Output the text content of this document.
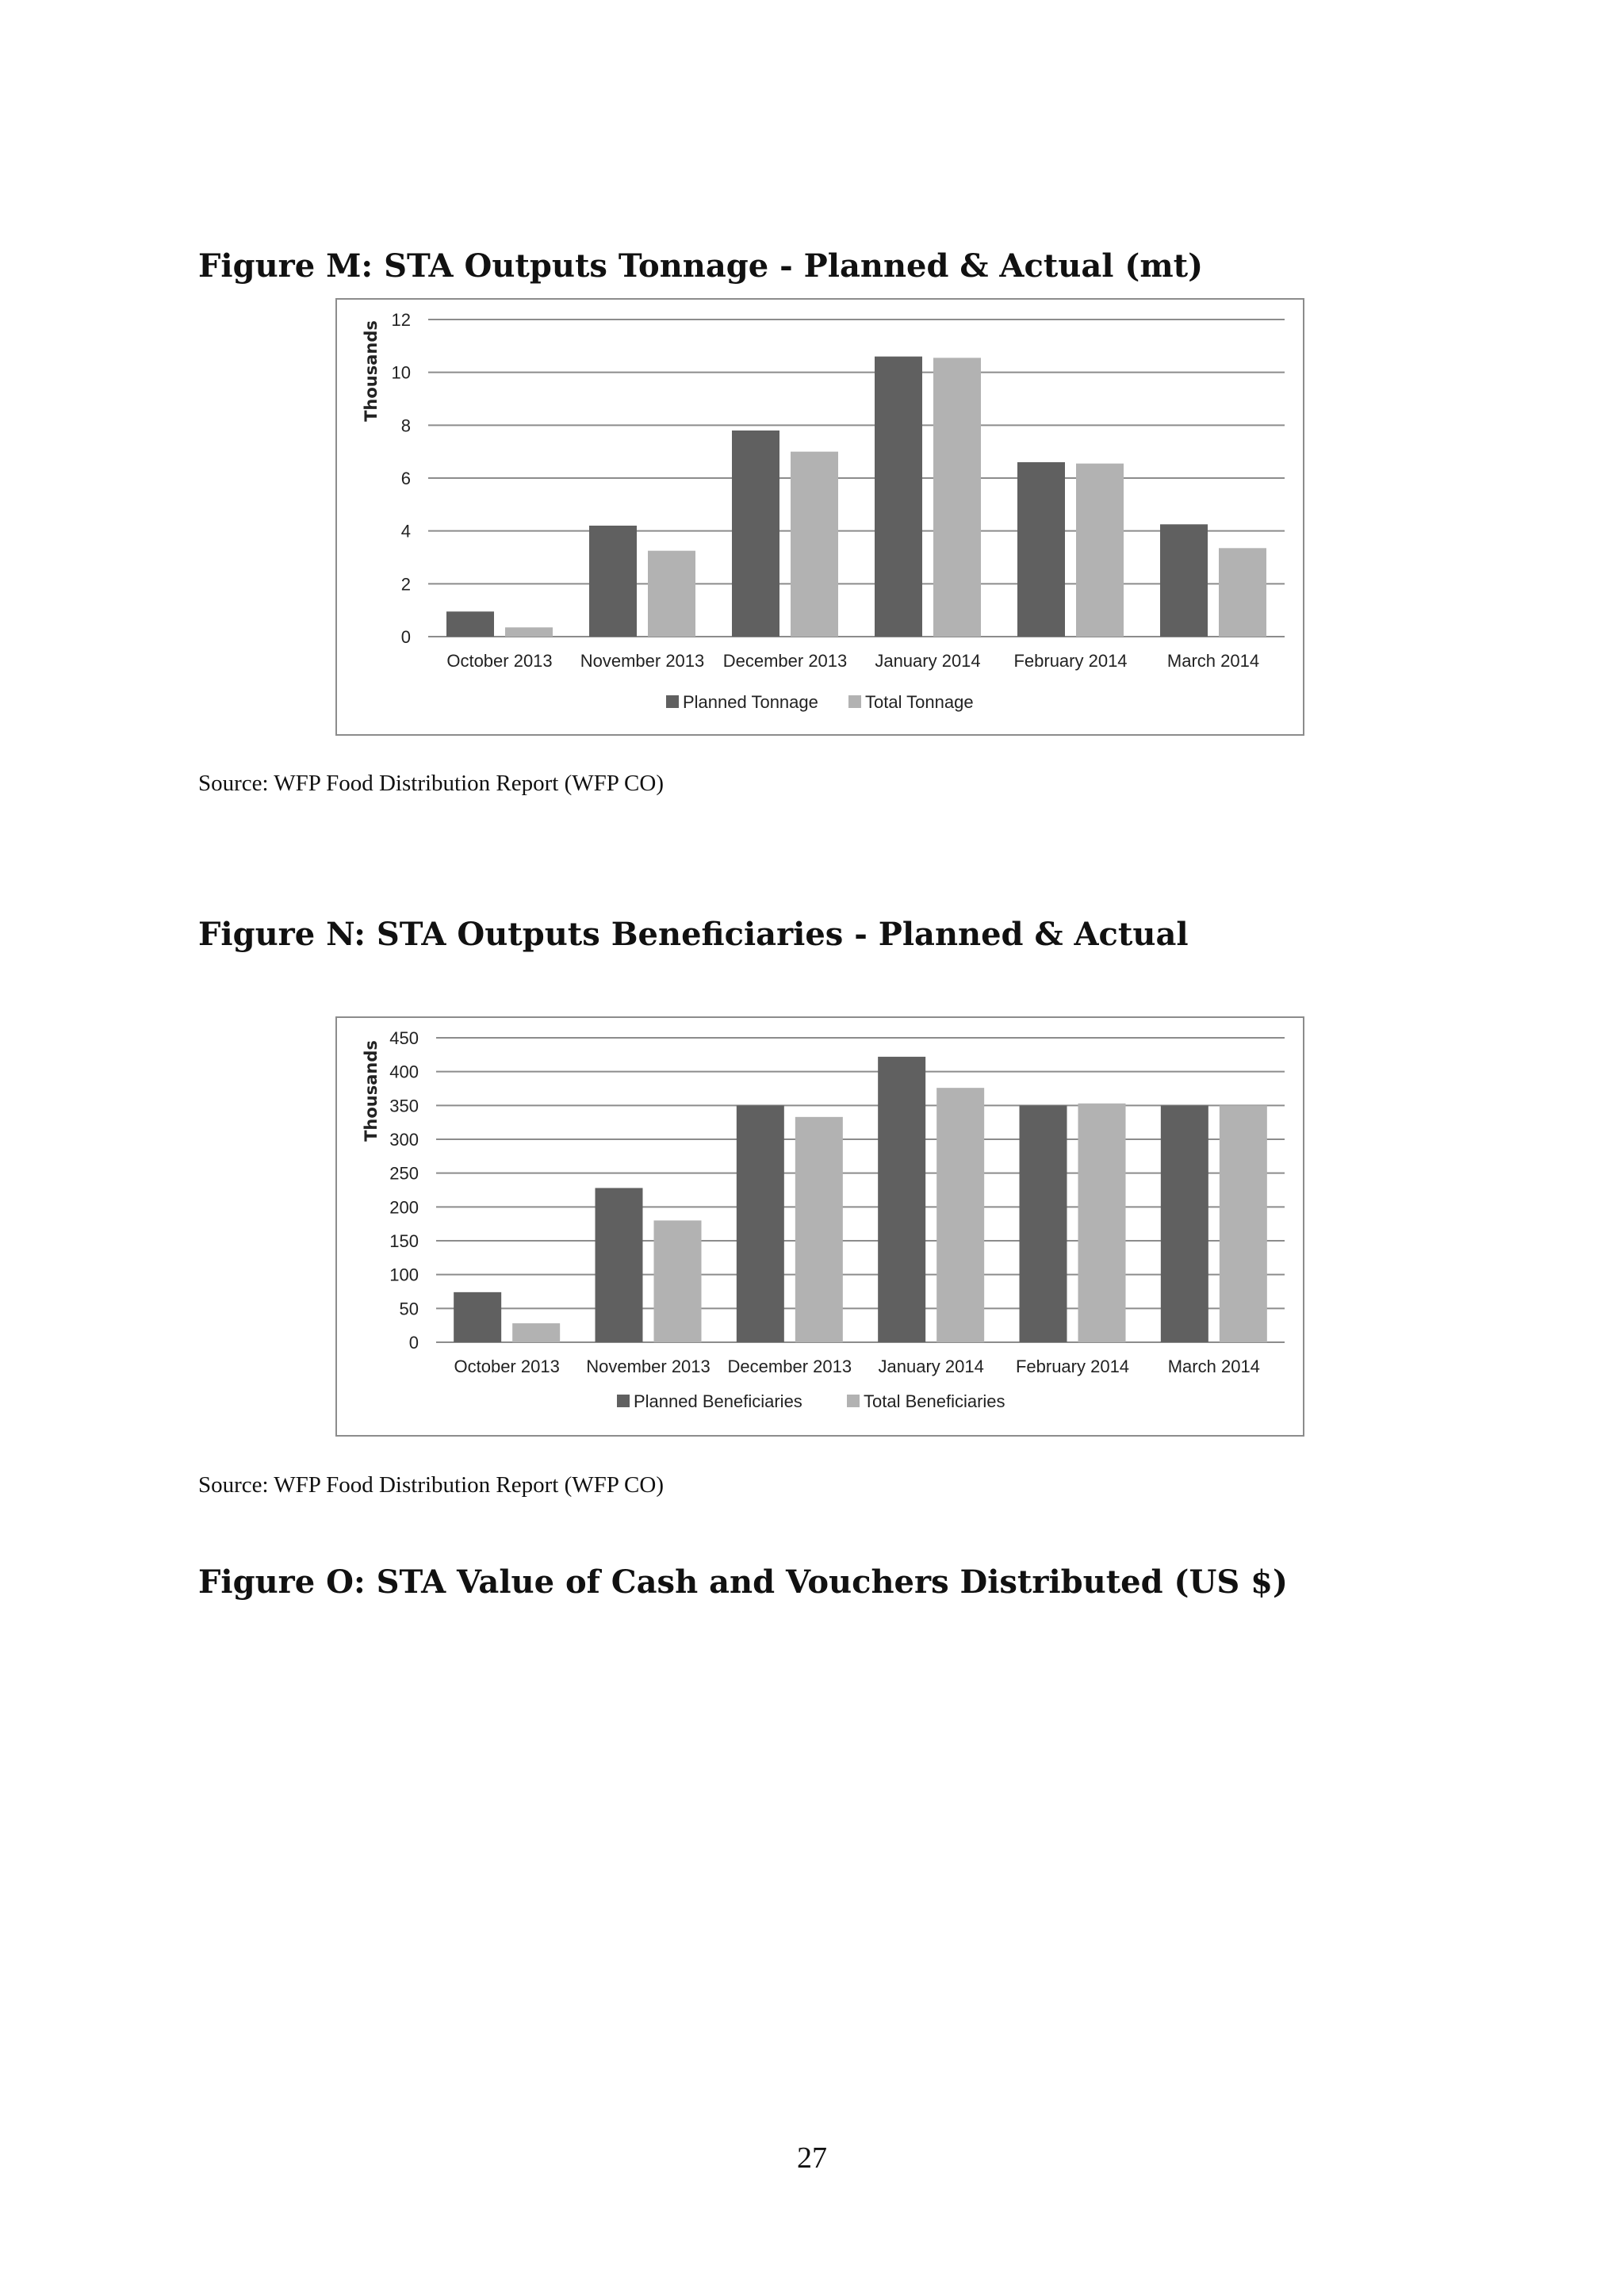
Figure M: STA Outputs Tonnage - Planned & Actual (mt)
0
2
4
6
8
10
12
Thousands
October 2013 November 2013 December 2013 January 2014 February 2014 March 2014
Planned Tonnage	Total Tonnage
Source: WFP Food Distribution Report (WFP CO)
Figure N: STA Outputs Beneficiaries - Planned & Actual
0
50
100
150
200
250
300
350
400
450
Thousands
October 2013 November 2013 December 2013 January 2014 February 2014 March 2014
Planned Beneficiaries	Total Beneficiaries
Source: WFP Food Distribution Report (WFP CO)
Figure O: STA Value of Cash and Vouchers Distributed (US $)
27
